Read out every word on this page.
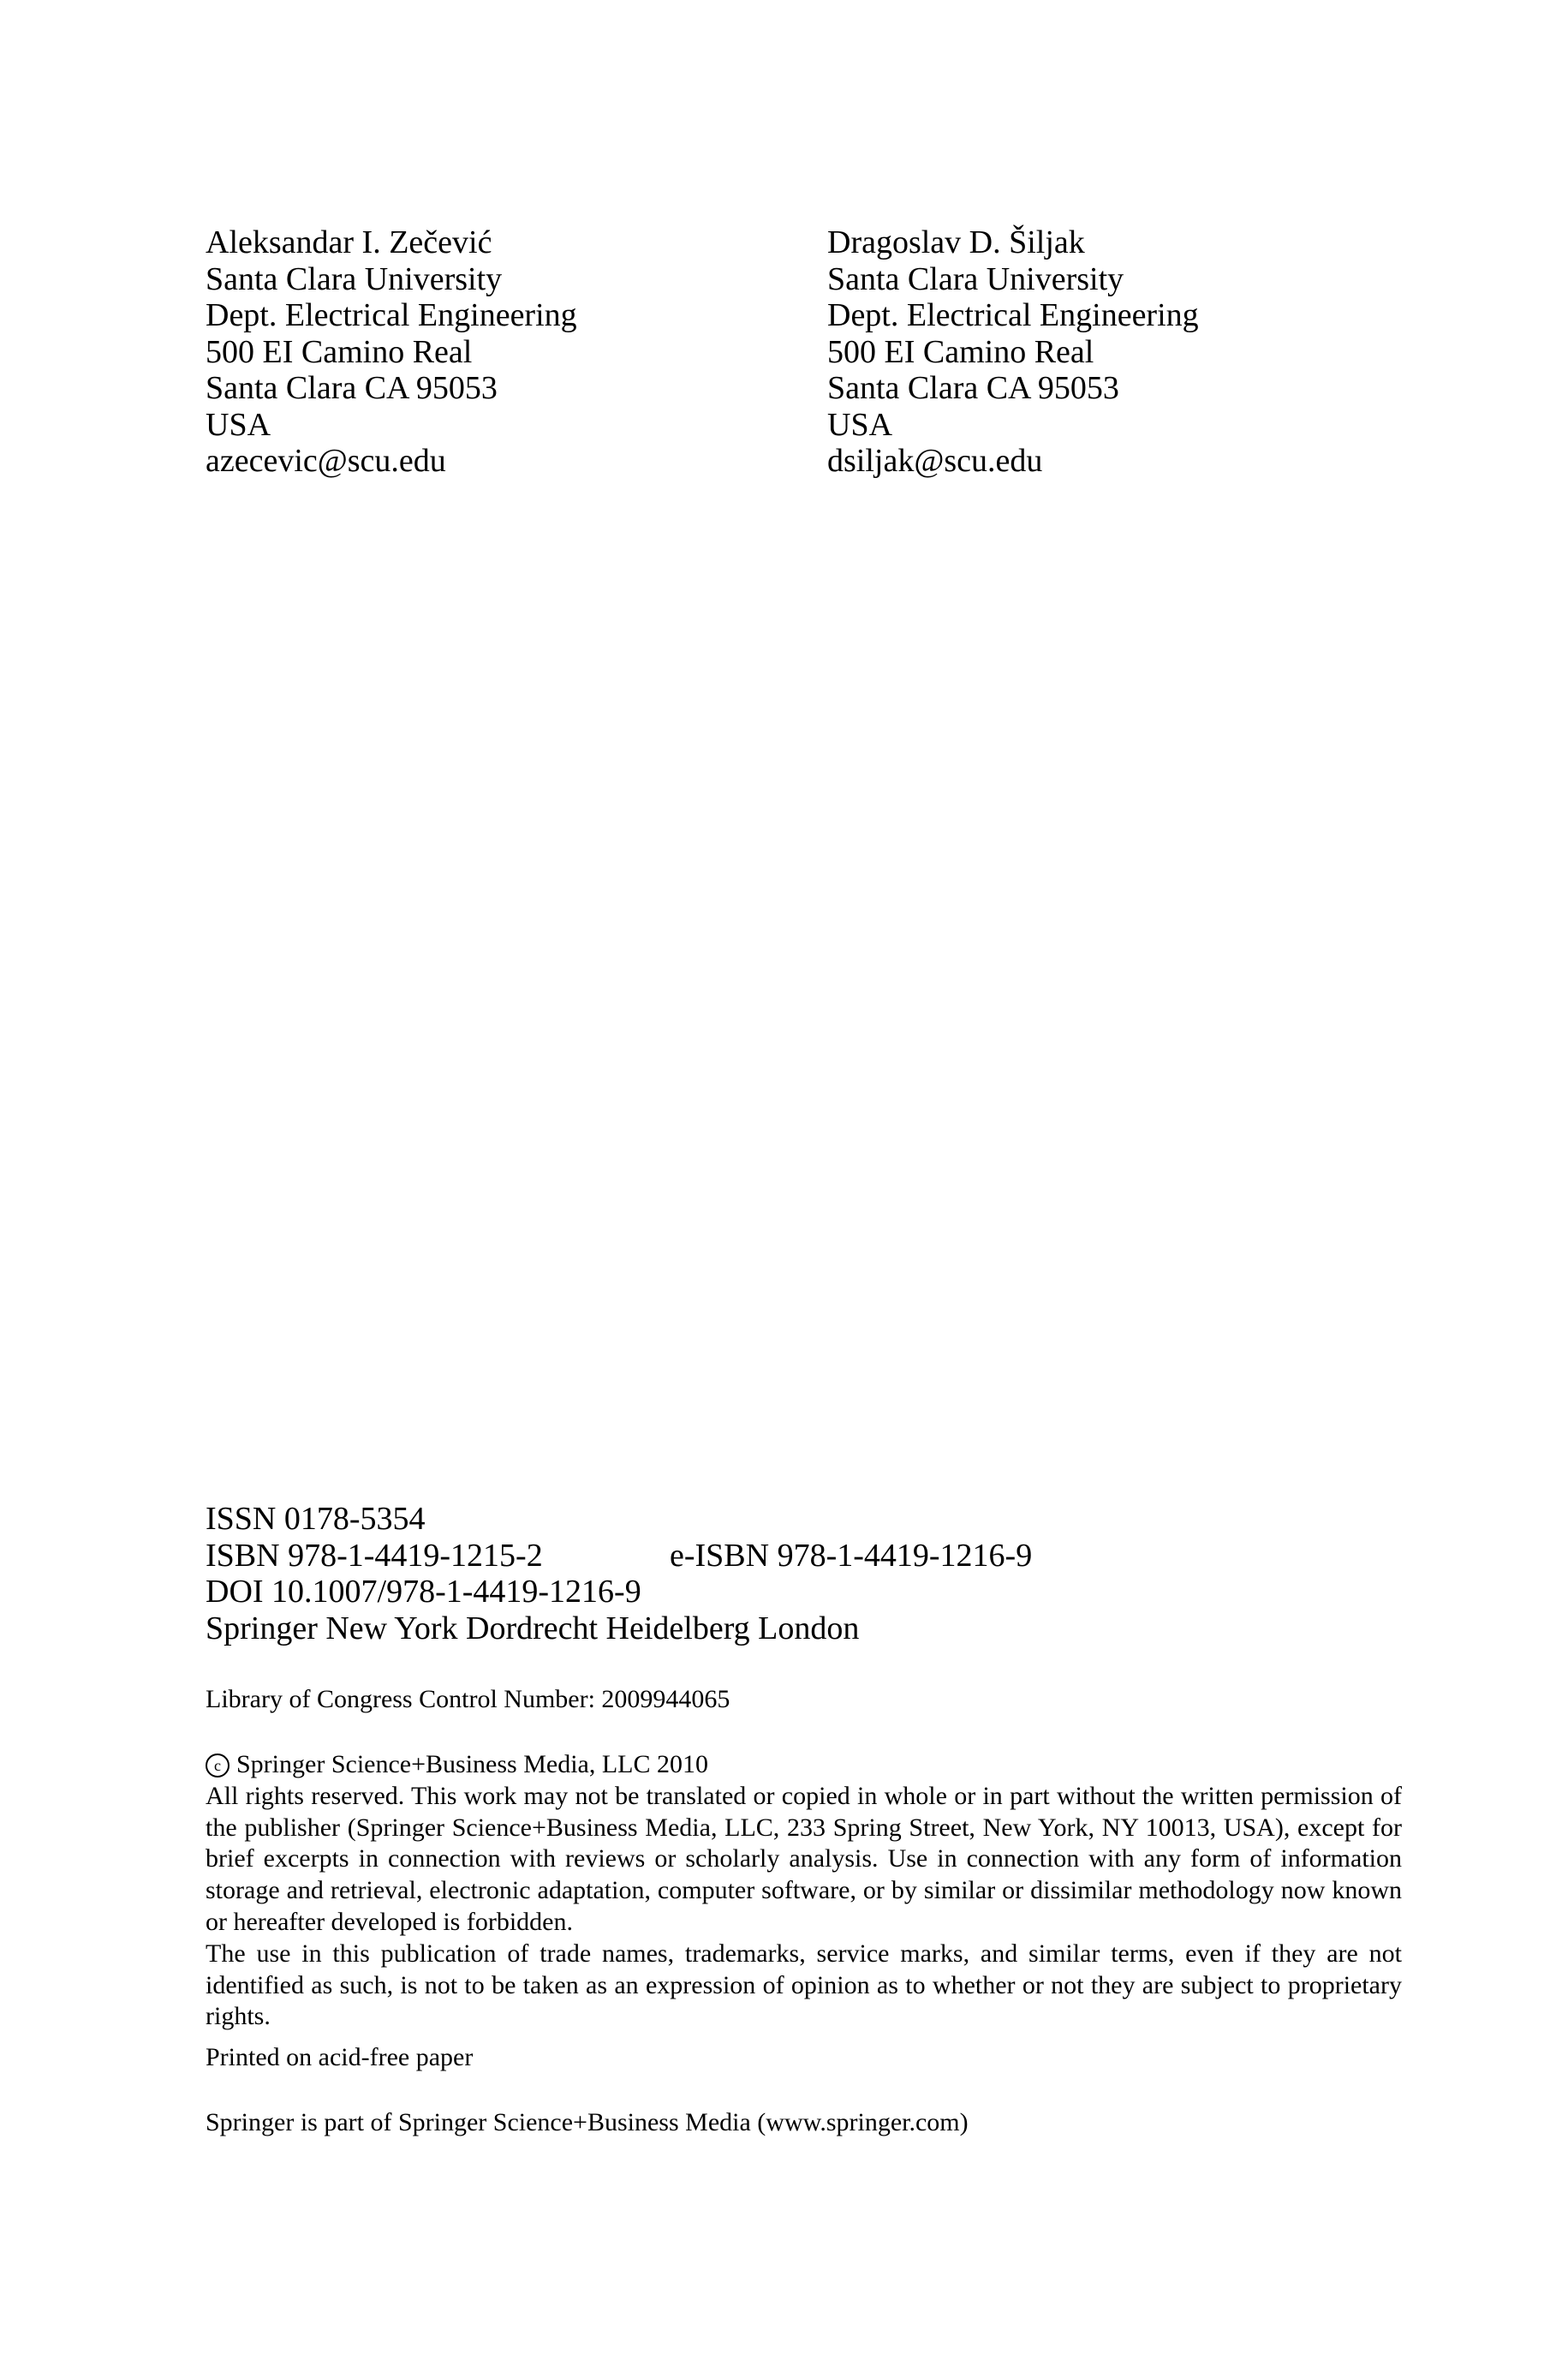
Aleksandar I. Zečević
Santa Clara University
Dept. Electrical Engineering
500 EI Camino Real
Santa Clara CA 95053
USA
azecevic@scu.edu
Dragoslav D. Šiljak
Santa Clara University
Dept. Electrical Engineering
500 EI Camino Real
Santa Clara CA 95053
USA
dsiljak@scu.edu
ISSN 0178-5354
ISBN 978-1-4419-1215-2	e-ISBN 978-1-4419-1216-9
DOI 10.1007/978-1-4419-1216-9
Springer New York Dordrecht Heidelberg London
Library of Congress Control Number: 2009944065
c Springer Science+Business Media, LLC 2010
All rights reserved. This work may not be translated or copied in whole or in part without the written permission of the publisher (Springer Science+Business Media, LLC, 233 Spring Street, New York, NY 10013, USA), except for brief excerpts in connection with reviews or scholarly analysis. Use in connection with any form of information storage and retrieval, electronic adaptation, computer software, or by similar or dissimilar methodology now known or hereafter developed is forbidden.
The use in this publication of trade names, trademarks, service marks, and similar terms, even if they are not identified as such, is not to be taken as an expression of opinion as to whether or not they are subject to proprietary rights.
Printed on acid-free paper
Springer is part of Springer Science+Business Media (www.springer.com)
